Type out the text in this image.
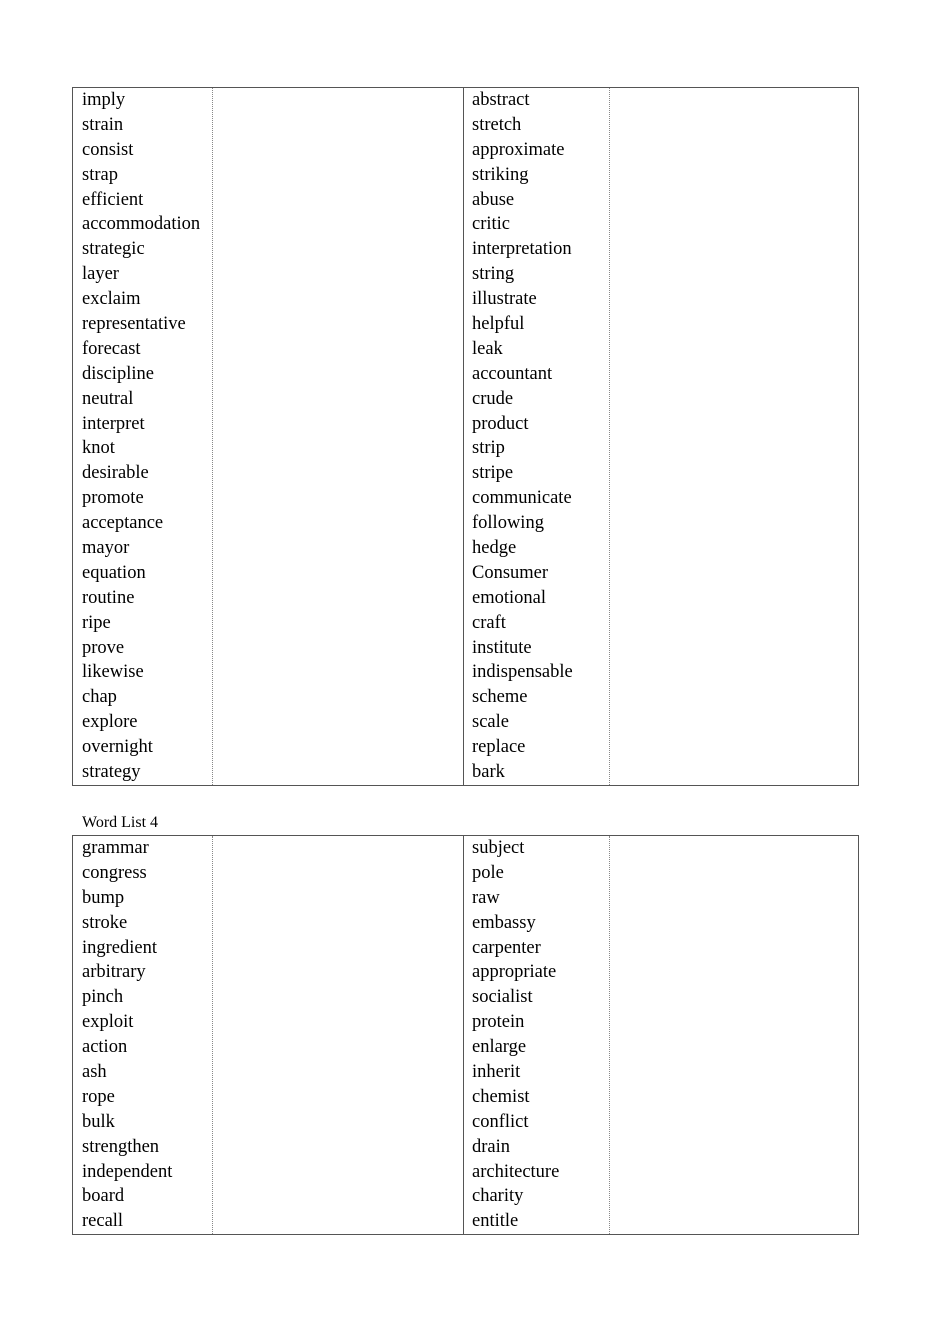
imply
strain
consist
strap
efficient
accommodation
strategic
layer
exclaim
representative
forecast
discipline
neutral
interpret
knot
desirable
promote
acceptance
mayor
equation
routine
ripe
prove
likewise
chap
explore
overnight
strategy
abstract
stretch
approximate
striking
abuse
critic
interpretation
string
illustrate
helpful
leak
accountant
crude
product
strip
stripe
communicate
following
hedge
Consumer
emotional
craft
institute
indispensable
scheme
scale
replace
bark
Word List 4
grammar
congress
bump
stroke
ingredient
arbitrary
pinch
exploit
action
ash
rope
bulk
strengthen
independent
board
recall
subject
pole
raw
embassy
carpenter
appropriate
socialist
protein
enlarge
inherit
chemist
conflict
drain
architecture
charity
entitle
